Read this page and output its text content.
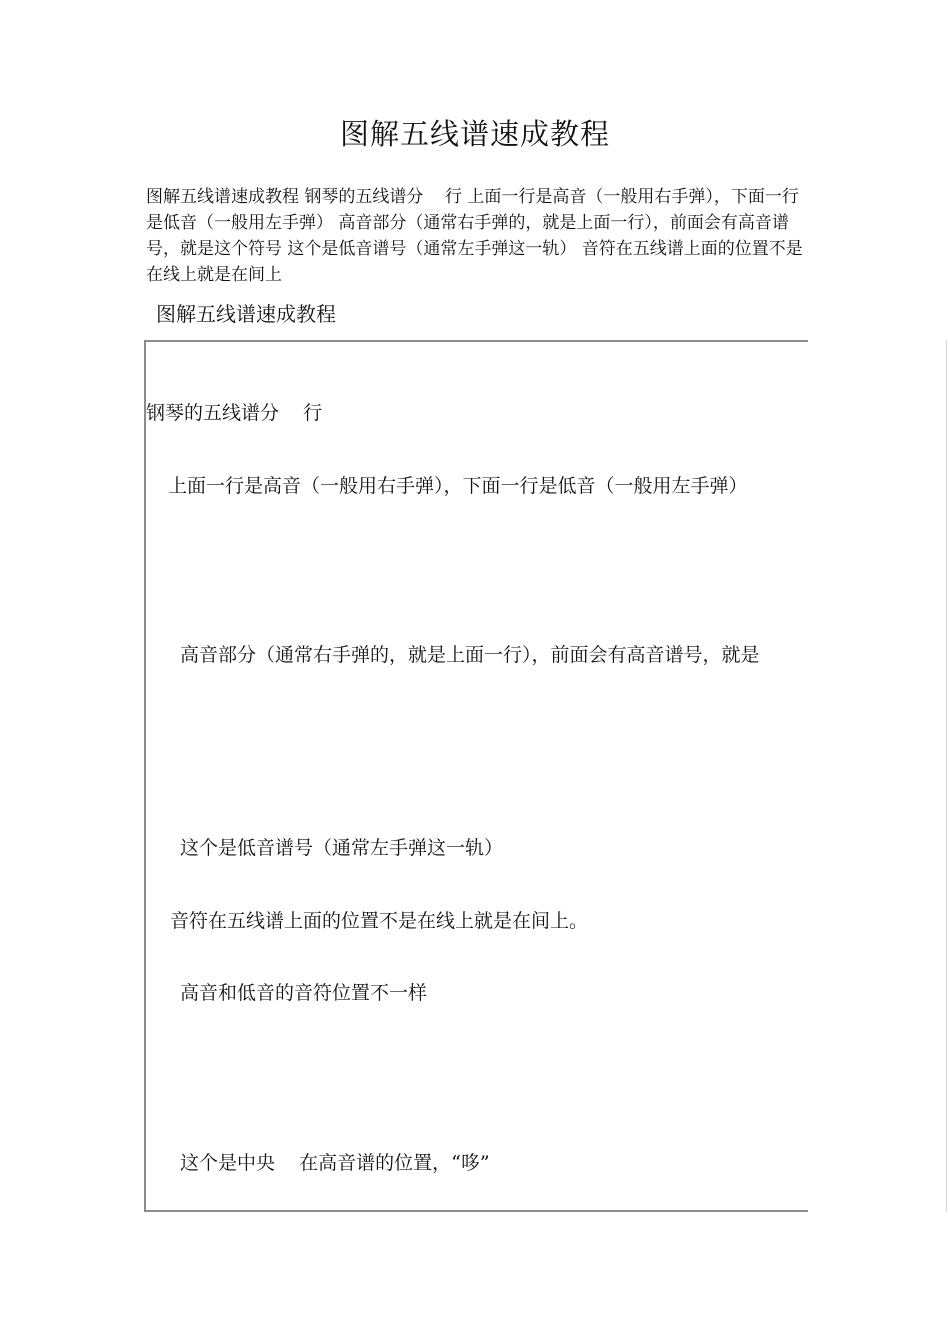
图解五线谱速成教程

图解五线谱速成教程 钢琴的五线谱分    行 上面一行是高音（一般用右手弹），下面一行是低音（一般用左手弹） 高音部分（通常右手弹的，就是上面一行），前面会有高音谱号，就是这个符号 这个是低音谱号（通常左手弹这一轨） 音符在五线谱上面的位置不是在线上就是在间上

图解五线谱速成教程

钢琴的五线谱分    行

上面一行是高音（一般用右手弹），下面一行是低音（一般用左手弹）

高音部分（通常右手弹的，就是上面一行），前面会有高音谱号，就是

这个是低音谱号（通常左手弹这一轨）

音符在五线谱上面的位置不是在线上就是在间上。

高音和低音的音符位置不一样

这个是中央    在高音谱的位置，“哆”
